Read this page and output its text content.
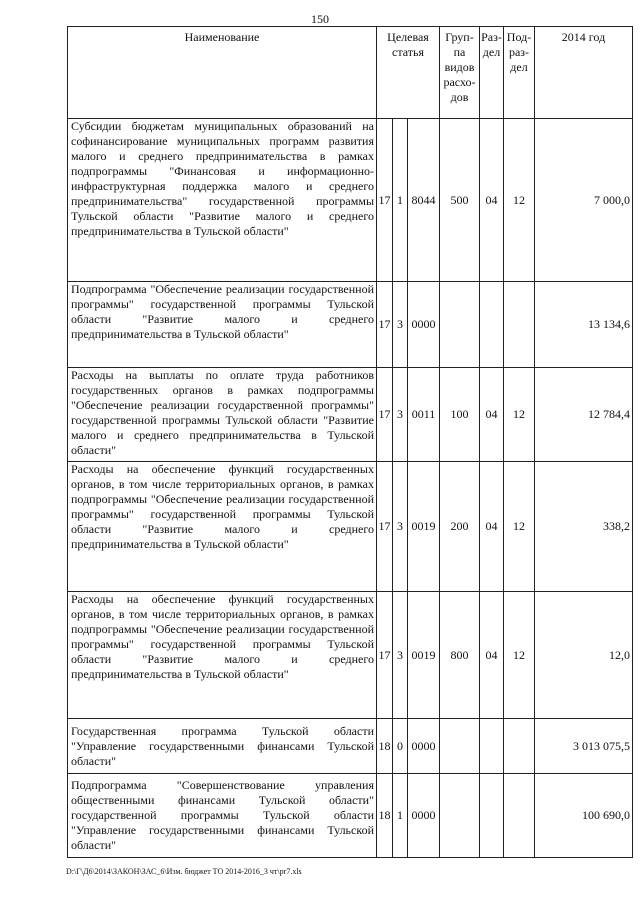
150
Наименование	Целевая статья			Груп- па видов расхо- дов	Раз- дел	Под- раз- дел	2014 год
Субсидии бюджетам муниципальных образований на софинансирование муниципальных программ развития малого и среднего предпринимательства в рамках подпрограммы "Финансовая и информационно-инфраструктурная поддержка малого и среднего предпринимательства" государственной программы Тульской области "Развитие малого и среднего предпринимательства в Тульской области"	17	1	8044	500	04	12	7 000,0
Подпрограмма "Обеспечение реализации государственной программы" государственной программы Тульской области "Развитие малого и среднего предпринимательства в Тульской области"	17	3	0000				13 134,6
Расходы на выплаты по оплате труда работников государственных органов в рамках подпрограммы "Обеспечение реализации государственной программы" государственной программы Тульской области "Развитие малого и среднего предпринимательства в Тульской области"	17	3	0011	100	04	12	12 784,4
Расходы на обеспечение функций государственных органов, в том числе территориальных органов, в рамках подпрограммы "Обеспечение реализации государственной программы" государственной программы Тульской области "Развитие малого и среднего предпринимательства в Тульской области"	17	3	0019	200	04	12	338,2
Расходы на обеспечение функций государственных органов, в том числе территориальных органов, в рамках подпрограммы "Обеспечение реализации государственной программы" государственной программы Тульской области "Развитие малого и среднего предпринимательства в Тульской области"	17	3	0019	800	04	12	12,0
Государственная программа Тульской области "Управление государственными финансами Тульской области"	18	0	0000				3 013 075,5
Подпрограмма "Совершенствование управления общественными финансами Тульской области" государственной программы Тульской области "Управление государственными финансами Тульской области"	18	1	0000				100 690,0
D:\Г\Д6\2014\ЗАКОН\ЗАС_6\Изм. бюджет ТО 2014-2016_3 чт\pr7.xls
